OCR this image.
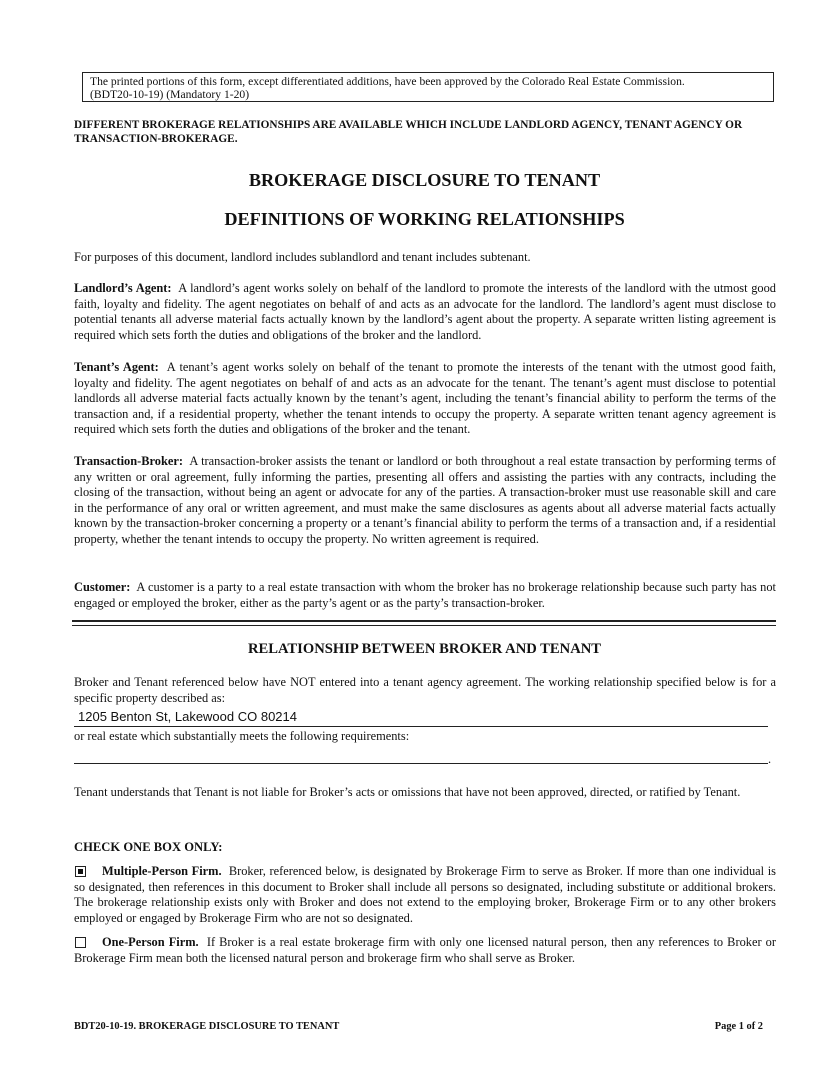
The printed portions of this form, except differentiated additions, have been approved by the Colorado Real Estate Commission.
(BDT20-10-19) (Mandatory 1-20)
DIFFERENT BROKERAGE RELATIONSHIPS ARE AVAILABLE WHICH INCLUDE LANDLORD AGENCY, TENANT AGENCY OR TRANSACTION-BROKERAGE.
BROKERAGE DISCLOSURE TO TENANT
DEFINITIONS OF WORKING RELATIONSHIPS
For purposes of this document, landlord includes sublandlord and tenant includes subtenant.
Landlord’s Agent: A landlord’s agent works solely on behalf of the landlord to promote the interests of the landlord with the utmost good faith, loyalty and fidelity. The agent negotiates on behalf of and acts as an advocate for the landlord. The landlord’s agent must disclose to potential tenants all adverse material facts actually known by the landlord’s agent about the property. A separate written listing agreement is required which sets forth the duties and obligations of the broker and the landlord.
Tenant’s Agent: A tenant’s agent works solely on behalf of the tenant to promote the interests of the tenant with the utmost good faith, loyalty and fidelity. The agent negotiates on behalf of and acts as an advocate for the tenant. The tenant’s agent must disclose to potential landlords all adverse material facts actually known by the tenant’s agent, including the tenant’s financial ability to perform the terms of the transaction and, if a residential property, whether the tenant intends to occupy the property. A separate written tenant agency agreement is required which sets forth the duties and obligations of the broker and the tenant.
Transaction-Broker: A transaction-broker assists the tenant or landlord or both throughout a real estate transaction by performing terms of any written or oral agreement, fully informing the parties, presenting all offers and assisting the parties with any contracts, including the closing of the transaction, without being an agent or advocate for any of the parties. A transaction-broker must use reasonable skill and care in the performance of any oral or written agreement, and must make the same disclosures as agents about all adverse material facts actually known by the transaction-broker concerning a property or a tenant’s financial ability to perform the terms of a transaction and, if a residential property, whether the tenant intends to occupy the property. No written agreement is required.
Customer: A customer is a party to a real estate transaction with whom the broker has no brokerage relationship because such party has not engaged or employed the broker, either as the party’s agent or as the party’s transaction-broker.
RELATIONSHIP BETWEEN BROKER AND TENANT
Broker and Tenant referenced below have NOT entered into a tenant agency agreement. The working relationship specified below is for a specific property described as:
1205 Benton St, Lakewood CO 80214
or real estate which substantially meets the following requirements:
.
Tenant understands that Tenant is not liable for Broker’s acts or omissions that have not been approved, directed, or ratified by Tenant.
CHECK ONE BOX ONLY:
Multiple-Person Firm. Broker, referenced below, is designated by Brokerage Firm to serve as Broker. If more than one individual is so designated, then references in this document to Broker shall include all persons so designated, including substitute or additional brokers. The brokerage relationship exists only with Broker and does not extend to the employing broker, Brokerage Firm or to any other brokers employed or engaged by Brokerage Firm who are not so designated.
One-Person Firm. If Broker is a real estate brokerage firm with only one licensed natural person, then any references to Broker or Brokerage Firm mean both the licensed natural person and brokerage firm who shall serve as Broker.
BDT20-10-19. BROKERAGE DISCLOSURE TO TENANT	Page 1 of 2
